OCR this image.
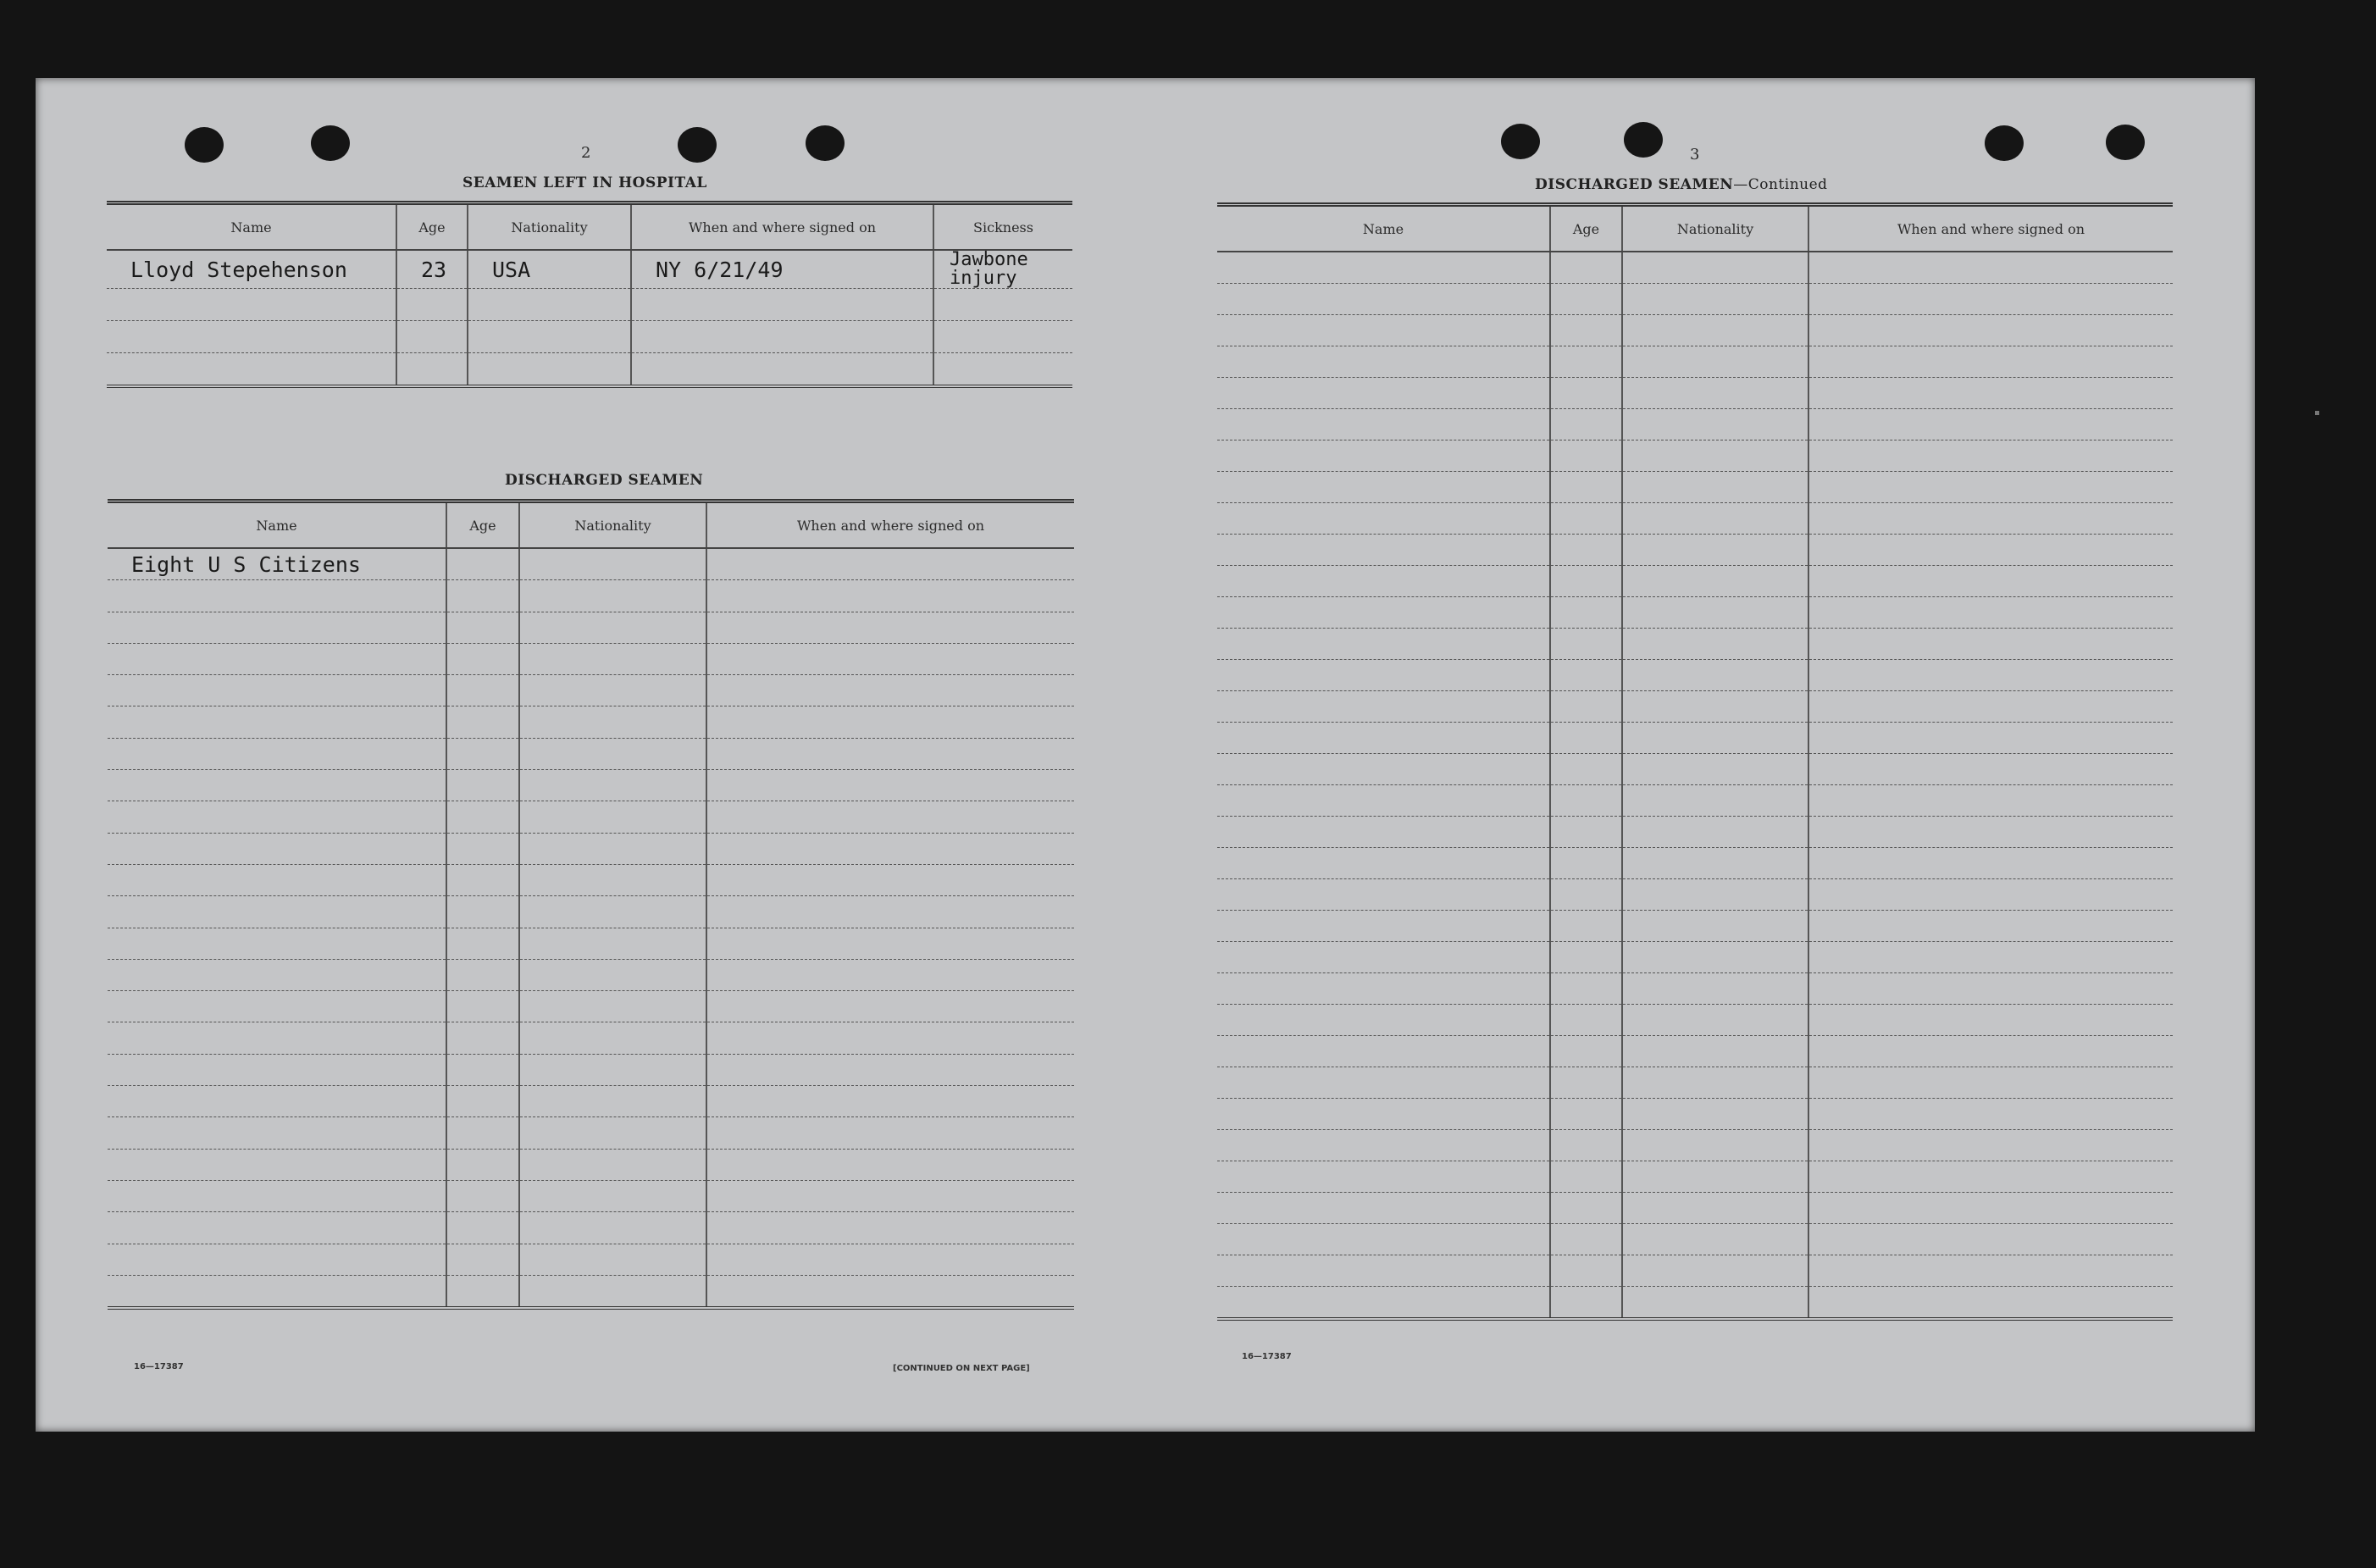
2
SEAMEN LEFT IN HOSPITAL
Name	Age	Nationality	When and where signed on	Sickness
Lloyd Stepehenson	23	USA	NY 6/21/49	Jawbone injury

DISCHARGED SEAMEN
Name	Age	Nationality	When and where signed on
Eight U S Citizens			

16—17387	[CONTINUED ON NEXT PAGE]
3
DISCHARGED SEAMEN—Continued
Name	Age	Nationality	When and where signed on

16—17387
